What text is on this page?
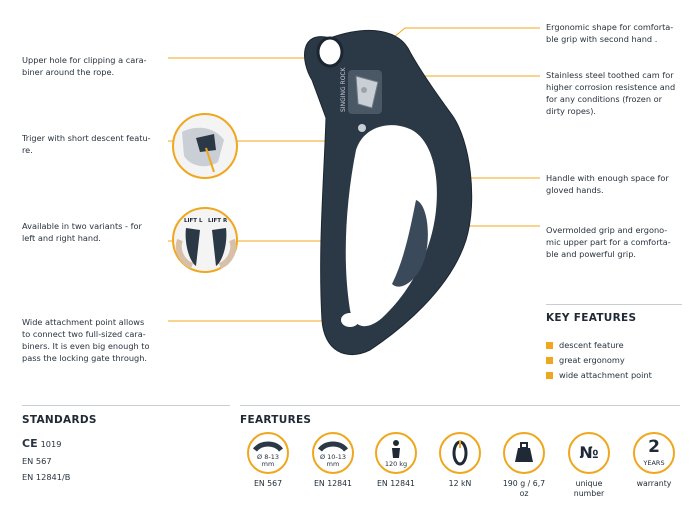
Upper hole for clipping a cara-
biner around the rope.
Triger with short descent featu-
re.
Available in two variants - for
left and right hand.
Wide attachment point allows
to connect two full-sized cara-
biners. It is even big enough to
pass the locking gate through.
Ergonomic shape for comforta-
ble grip with second hand .
Stainless steel toothed cam for
higher corrosion resistence and
for any conditions (frozen or
dirty ropes).
Handle with enough space for
gloved hands.
Overmolded grip and ergono-
mic upper part for a comforta-
ble and powerful grip.
SINGING ROCK
LIFT L LIFT R
KEY FEATURES
descent feature
great ergonomy
wide attachment point
STANDARDS
CE 1019
EN 567
EN 12841/B
FEARTURES
Ø 8-13
mm
EN 567
Ø 10-13
mm
EN 12841
120 kg
EN 12841	12 kN	190 g / 6,7 oz
№
unique
number
2
YEARS
warranty
